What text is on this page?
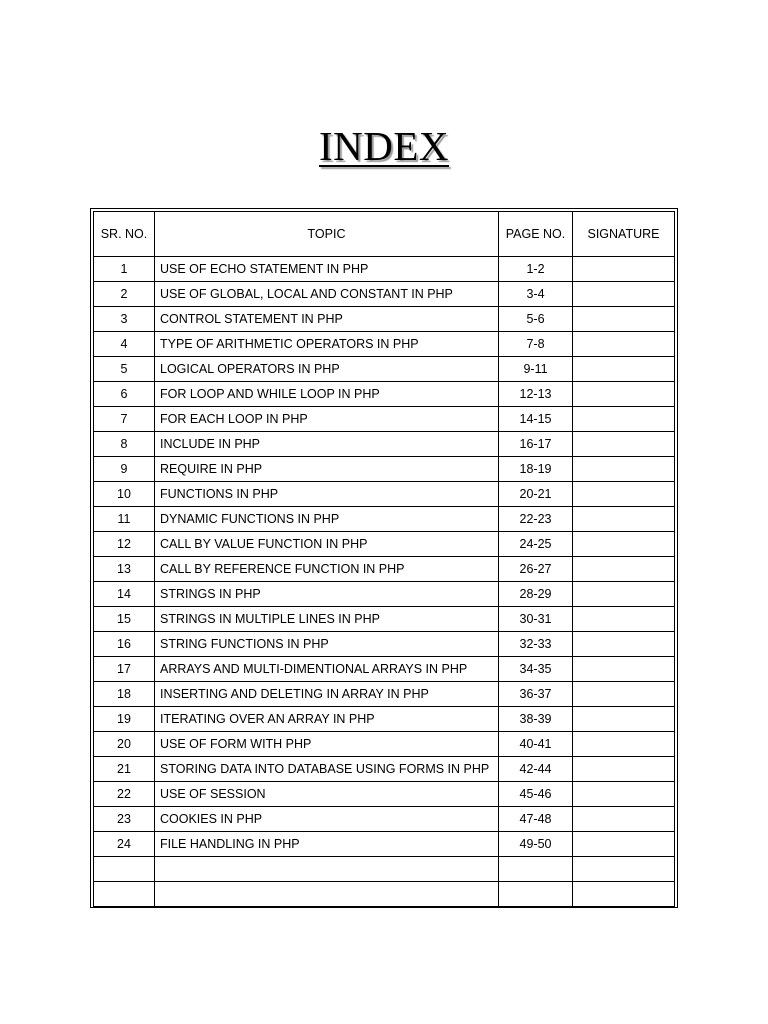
INDEX
SR. NO.	TOPIC	PAGE NO.	SIGNATURE
1	USE OF ECHO STATEMENT IN PHP	1-2	
2	USE OF GLOBAL, LOCAL AND CONSTANT IN PHP	3-4	
3	CONTROL STATEMENT IN PHP	5-6	
4	TYPE OF ARITHMETIC OPERATORS IN PHP	7-8	
5	LOGICAL OPERATORS IN PHP	9-11	
6	FOR LOOP AND WHILE LOOP IN PHP	12-13	
7	FOR EACH LOOP IN PHP	14-15	
8	INCLUDE IN PHP	16-17	
9	REQUIRE IN PHP	18-19	
10	FUNCTIONS IN PHP	20-21	
11	DYNAMIC FUNCTIONS IN PHP	22-23	
12	CALL BY VALUE FUNCTION IN PHP	24-25	
13	CALL BY REFERENCE FUNCTION IN PHP	26-27	
14	STRINGS IN PHP	28-29	
15	STRINGS IN MULTIPLE LINES IN PHP	30-31	
16	STRING FUNCTIONS IN PHP	32-33	
17	ARRAYS AND MULTI-DIMENTIONAL ARRAYS IN PHP	34-35	
18	INSERTING AND DELETING IN ARRAY IN PHP	36-37	
19	ITERATING OVER AN ARRAY IN PHP	38-39	
20	USE OF FORM WITH PHP	40-41	
21	STORING DATA INTO DATABASE USING FORMS IN PHP	42-44	
22	USE OF SESSION	45-46	
23	COOKIES IN PHP	47-48	
24	FILE HANDLING IN PHP	49-50	
